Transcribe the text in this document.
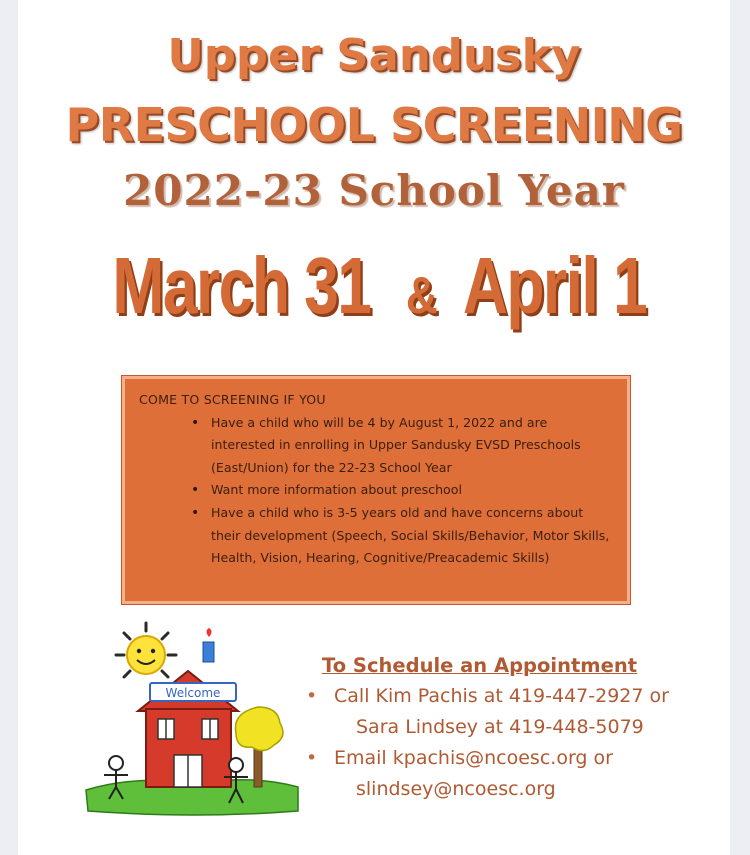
Upper Sandusky
PRESCHOOL SCREENING
2022-23 School Year
March 31 & April 1
COME TO SCREENING IF YOU
• Have a child who will be 4 by August 1, 2022 and are interested in enrolling in Upper Sandusky EVSD Preschools (East/Union) for the 22-23 School Year
• Want more information about preschool
• Have a child who is 3-5 years old and have concerns about their development (Speech, Social Skills/Behavior, Motor Skills, Health, Vision, Hearing, Cognitive/Preacademic Skills)
Welcome
To Schedule an Appointment
• Call Kim Pachis at 419-447-2927 or
Sara Lindsey at 419-448-5079
• Email kpachis@ncoesc.org or
slindsey@ncoesc.org
